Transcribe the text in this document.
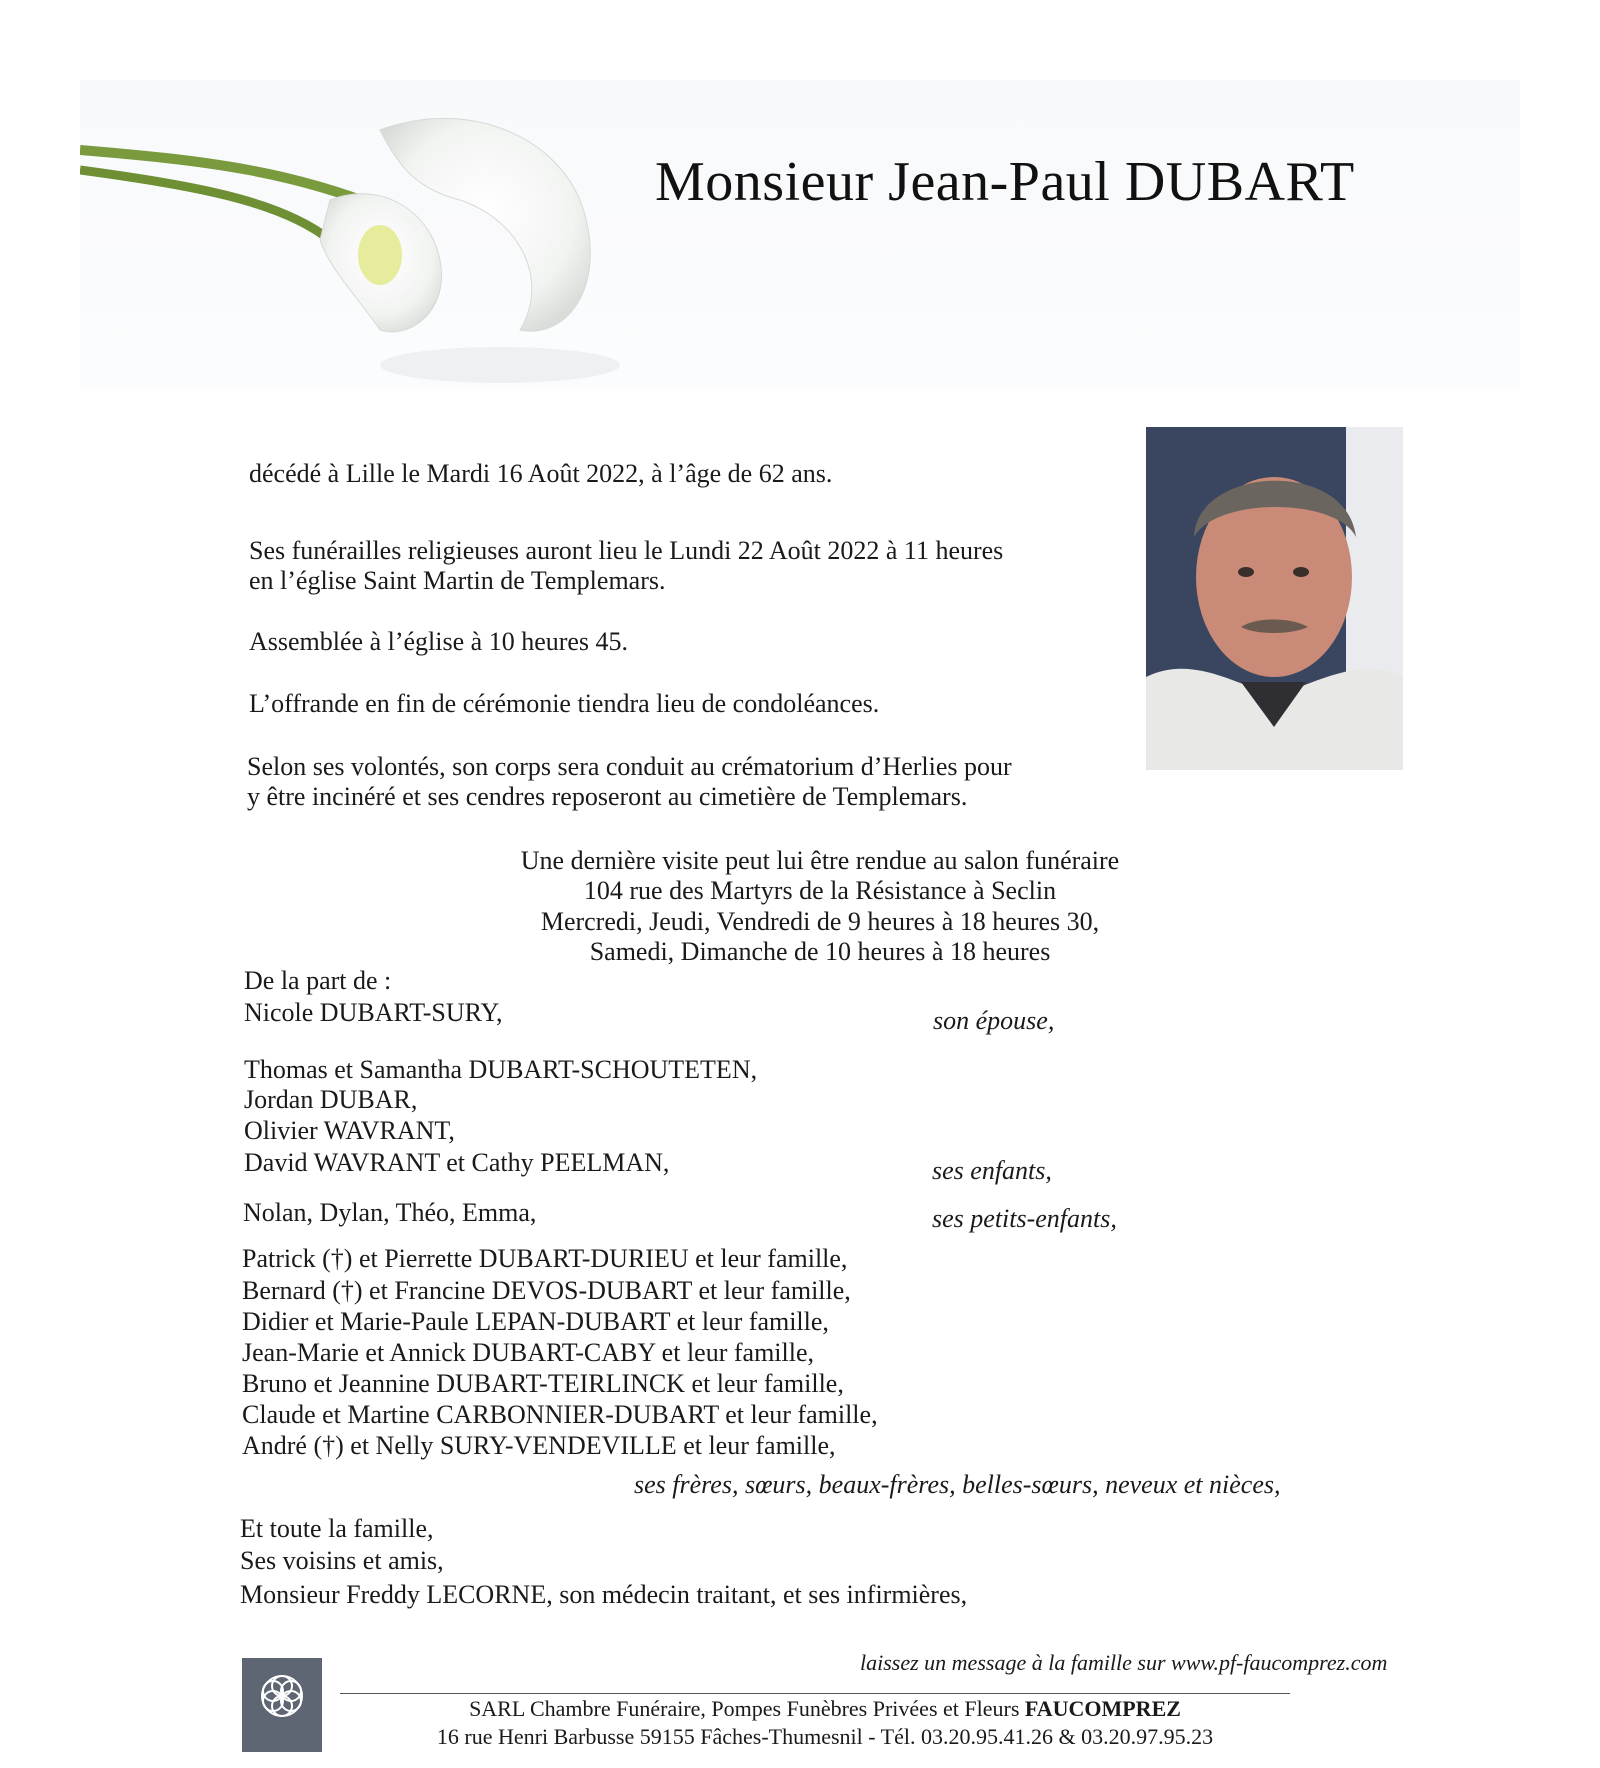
Monsieur Jean-Paul DUBART
décédé à Lille le Mardi 16 Août 2022, à l’âge de 62 ans.
Ses funérailles religieuses auront lieu le Lundi 22 Août 2022 à 11 heures
en l’église Saint Martin de Templemars.
Assemblée à l’église à 10 heures 45.
L’offrande en fin de cérémonie tiendra lieu de condoléances.
Selon ses volontés, son corps sera conduit au crématorium d’Herlies pour
y être incinéré et ses cendres reposeront au cimetière de Templemars.
Une dernière visite peut lui être rendue au salon funéraire
104 rue des Martyrs de la Résistance à Seclin
Mercredi, Jeudi, Vendredi de 9 heures à 18 heures 30,
Samedi, Dimanche de 10 heures à 18 heures
De la part de :
Nicole DUBART-SURY,	son épouse,
Thomas et Samantha DUBART-SCHOUTETEN,
Jordan DUBAR,
Olivier WAVRANT,
David WAVRANT et Cathy PEELMAN,	ses enfants,
Nolan, Dylan, Théo, Emma,	ses petits-enfants,
Patrick (†) et Pierrette DUBART-DURIEU et leur famille,
Bernard (†) et Francine DEVOS-DUBART et leur famille,
Didier et Marie-Paule LEPAN-DUBART et leur famille,
Jean-Marie et Annick DUBART-CABY et leur famille,
Bruno et Jeannine DUBART-TEIRLINCK et leur famille,
Claude et Martine CARBONNIER-DUBART et leur famille,
André (†) et Nelly SURY-VENDEVILLE et leur famille,
ses frères, sœurs, beaux-frères, belles-sœurs, neveux et nièces,
Et toute la famille,
Ses voisins et amis,
Monsieur Freddy LECORNE, son médecin traitant, et ses infirmières,
laissez un message à la famille sur www.pf-faucomprez.com
SARL Chambre Funéraire, Pompes Funèbres Privées et Fleurs FAUCOMPREZ
16 rue Henri Barbusse 59155 Fâches-Thumesnil - Tél. 03.20.95.41.26 & 03.20.97.95.23
